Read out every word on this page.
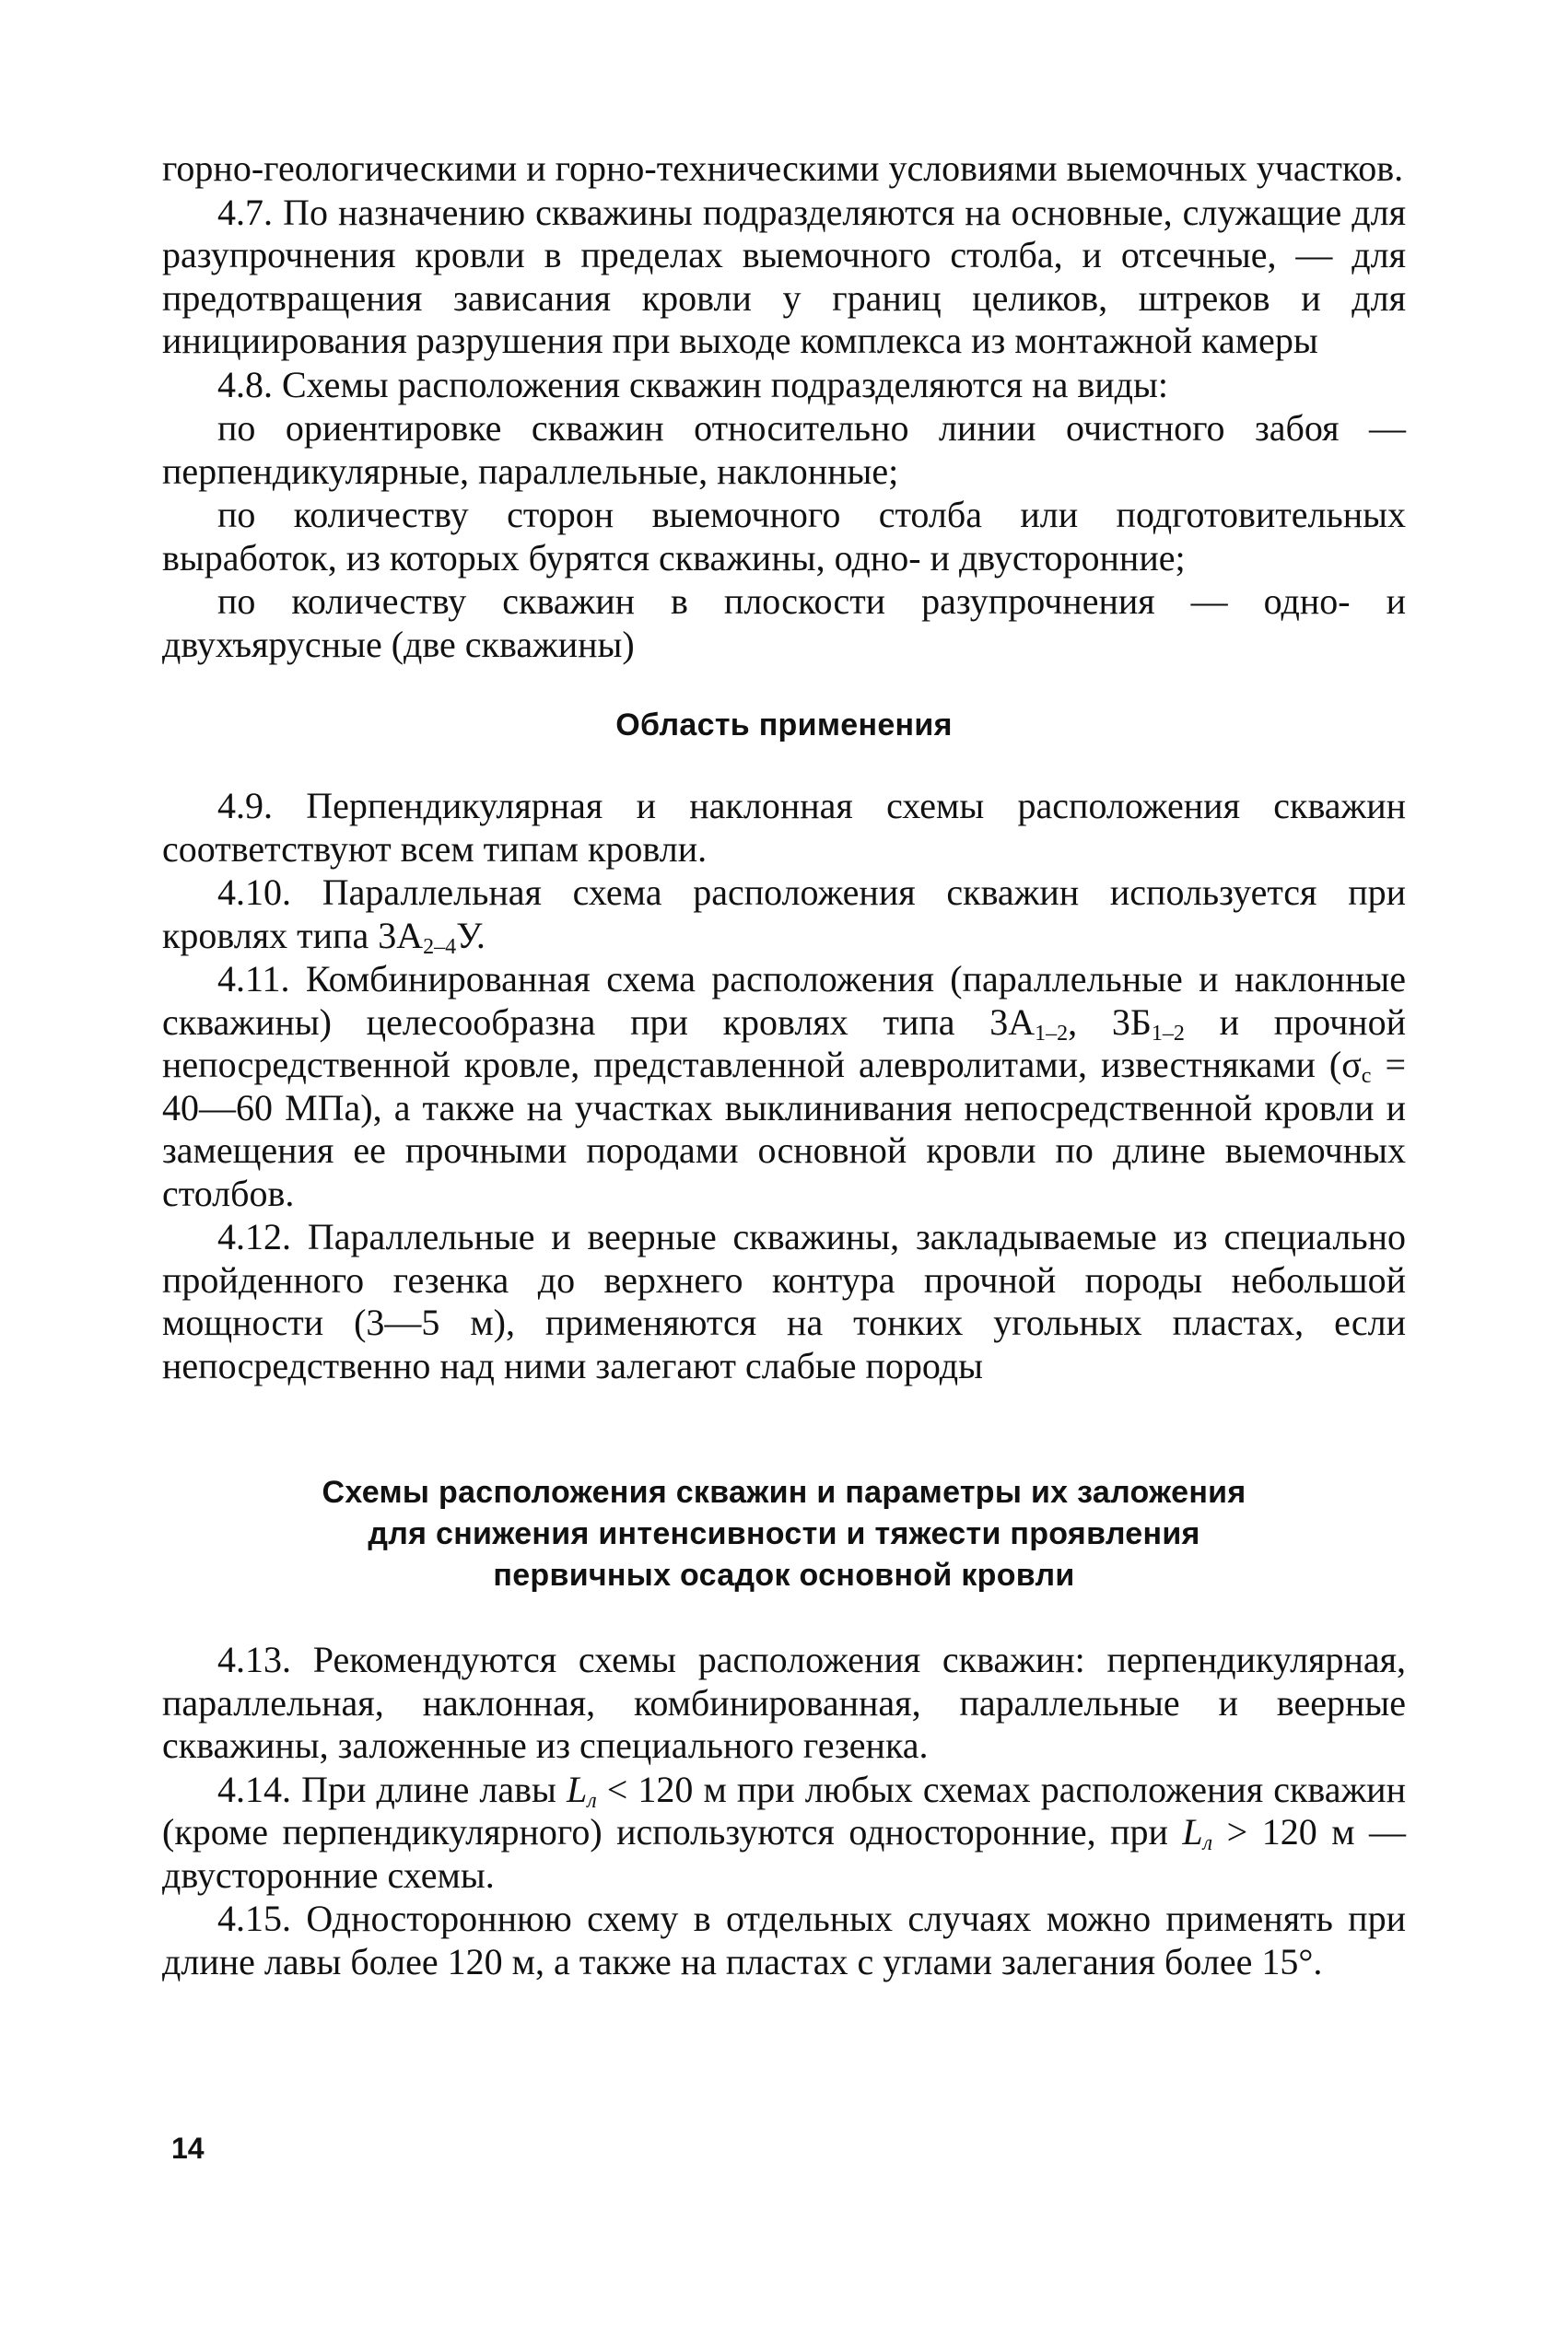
горно-геологическими и горно-техническими условиями выемочных участков.

4.7. По назначению скважины подразделяются на основные, служащие для разупрочнения кровли в пределах выемочного столба, и отсечные, — для предотвращения зависания кровли у границ целиков, штреков и для инициирования разрушения при выходе комплекса из монтажной камеры

4.8. Схемы расположения скважин подразделяются на виды:

по ориентировке скважин относительно линии очистного забоя — перпендикулярные, параллельные, наклонные;

по количеству сторон выемочного столба или подготовительных выработок, из которых бурятся скважины, одно- и двусторонние;

по количеству скважин в плоскости разупрочнения — одно- и двухъярусные (две скважины)

Область применения

4.9. Перпендикулярная и наклонная схемы расположения скважин соответствуют всем типам кровли.

4.10. Параллельная схема расположения скважин используется при кровлях типа $3А_{2-4}У$.

4.11. Комбинированная схема расположения (параллельные и наклонные скважины) целесообразна при кровлях типа $3А_{1-2}$, $3Б_{1-2}$ и прочной непосредственной кровле, представленной алевролитами, известняками ($\sigma_c$ = 40—60 МПа), а также на участках выклинивания непосредственной кровли и замещения ее прочными породами основной кровли по длине выемочных столбов.

4.12. Параллельные и веерные скважины, закладываемые из специально пройденного гезенка до верхнего контура прочной породы небольшой мощности (3—5 м), применяются на тонких угольных пластах, если непосредственно над ними залегают слабые породы

Схемы расположения скважин и параметры их заложения
для снижения интенсивности и тяжести проявления
первичных осадок основной кровли

4.13. Рекомендуются схемы расположения скважин: перпендикулярная, параллельная, наклонная, комбинированная, параллельные и веерные скважины, заложенные из специального гезенка.

4.14. При длине лавы $L_л < 120$ м при любых схемах расположения скважин (кроме перпендикулярного) используются односторонние, при $L_л > 120$ м — двусторонние схемы.

4.15. Одностороннюю схему в отдельных случаях можно применять при длине лавы более 120 м, а также на пластах с углами залегания более 15°.

14
